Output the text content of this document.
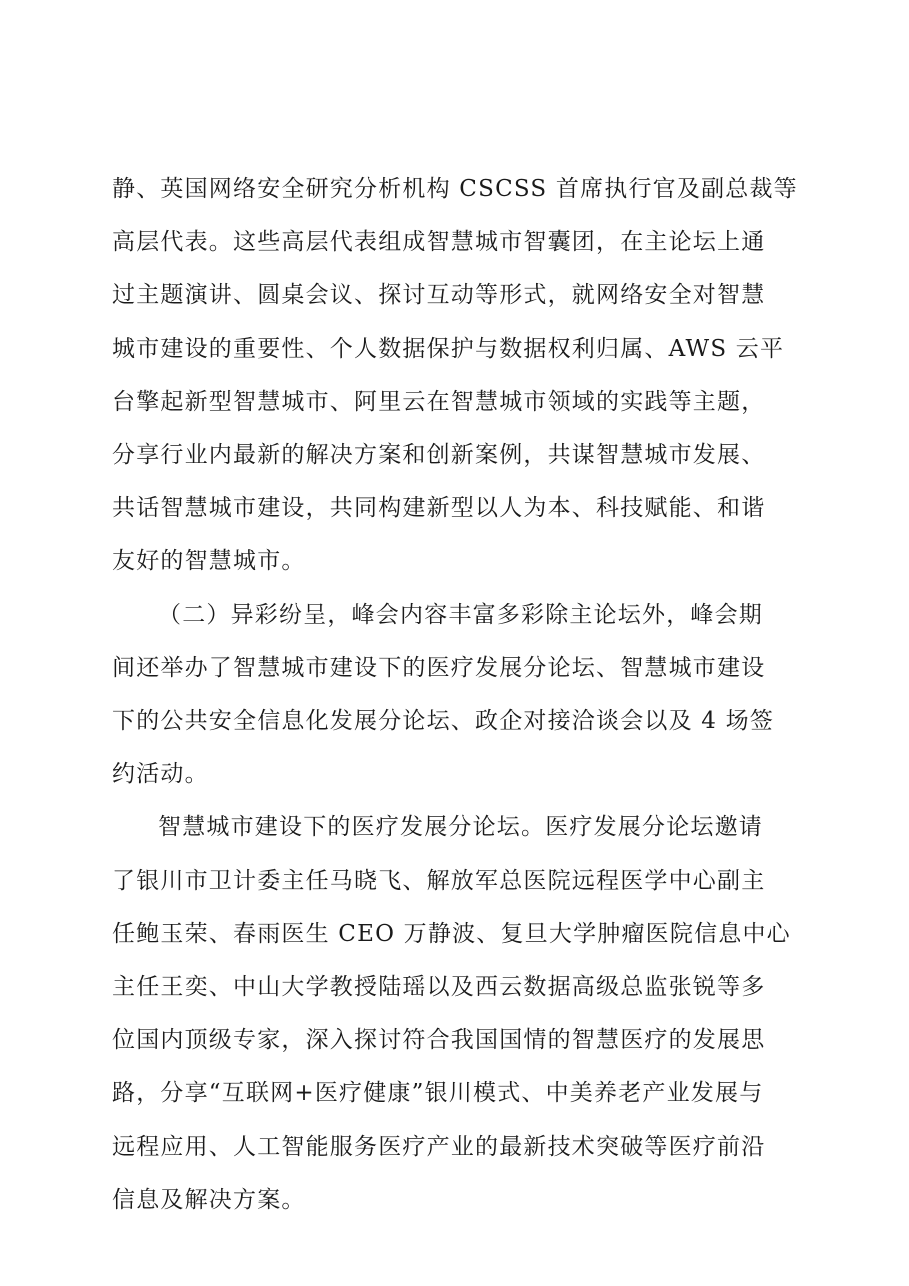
静、英国网络安全研究分析机构 CSCSS 首席执行官及副总裁等
高层代表。这些高层代表组成智慧城市智囊团，在主论坛上通
过主题演讲、圆桌会议、探讨互动等形式，就网络安全对智慧
城市建设的重要性、个人数据保护与数据权利归属、AWS 云平
台擎起新型智慧城市、阿里云在智慧城市领域的实践等主题，
分享行业内最新的解决方案和创新案例，共谋智慧城市发展、
共话智慧城市建设，共同构建新型以人为本、科技赋能、和谐
友好的智慧城市。

（二）异彩纷呈，峰会内容丰富多彩除主论坛外，峰会期
间还举办了智慧城市建设下的医疗发展分论坛、智慧城市建设
下的公共安全信息化发展分论坛、政企对接洽谈会以及 4 场签
约活动。

智慧城市建设下的医疗发展分论坛。医疗发展分论坛邀请
了银川市卫计委主任马晓飞、解放军总医院远程医学中心副主
任鲍玉荣、春雨医生 CEO 万静波、复旦大学肿瘤医院信息中心
主任王奕、中山大学教授陆瑶以及西云数据高级总监张锐等多
位国内顶级专家，深入探讨符合我国国情的智慧医疗的发展思
路，分享“互联网+医疗健康”银川模式、中美养老产业发展与
远程应用、人工智能服务医疗产业的最新技术突破等医疗前沿
信息及解决方案。
